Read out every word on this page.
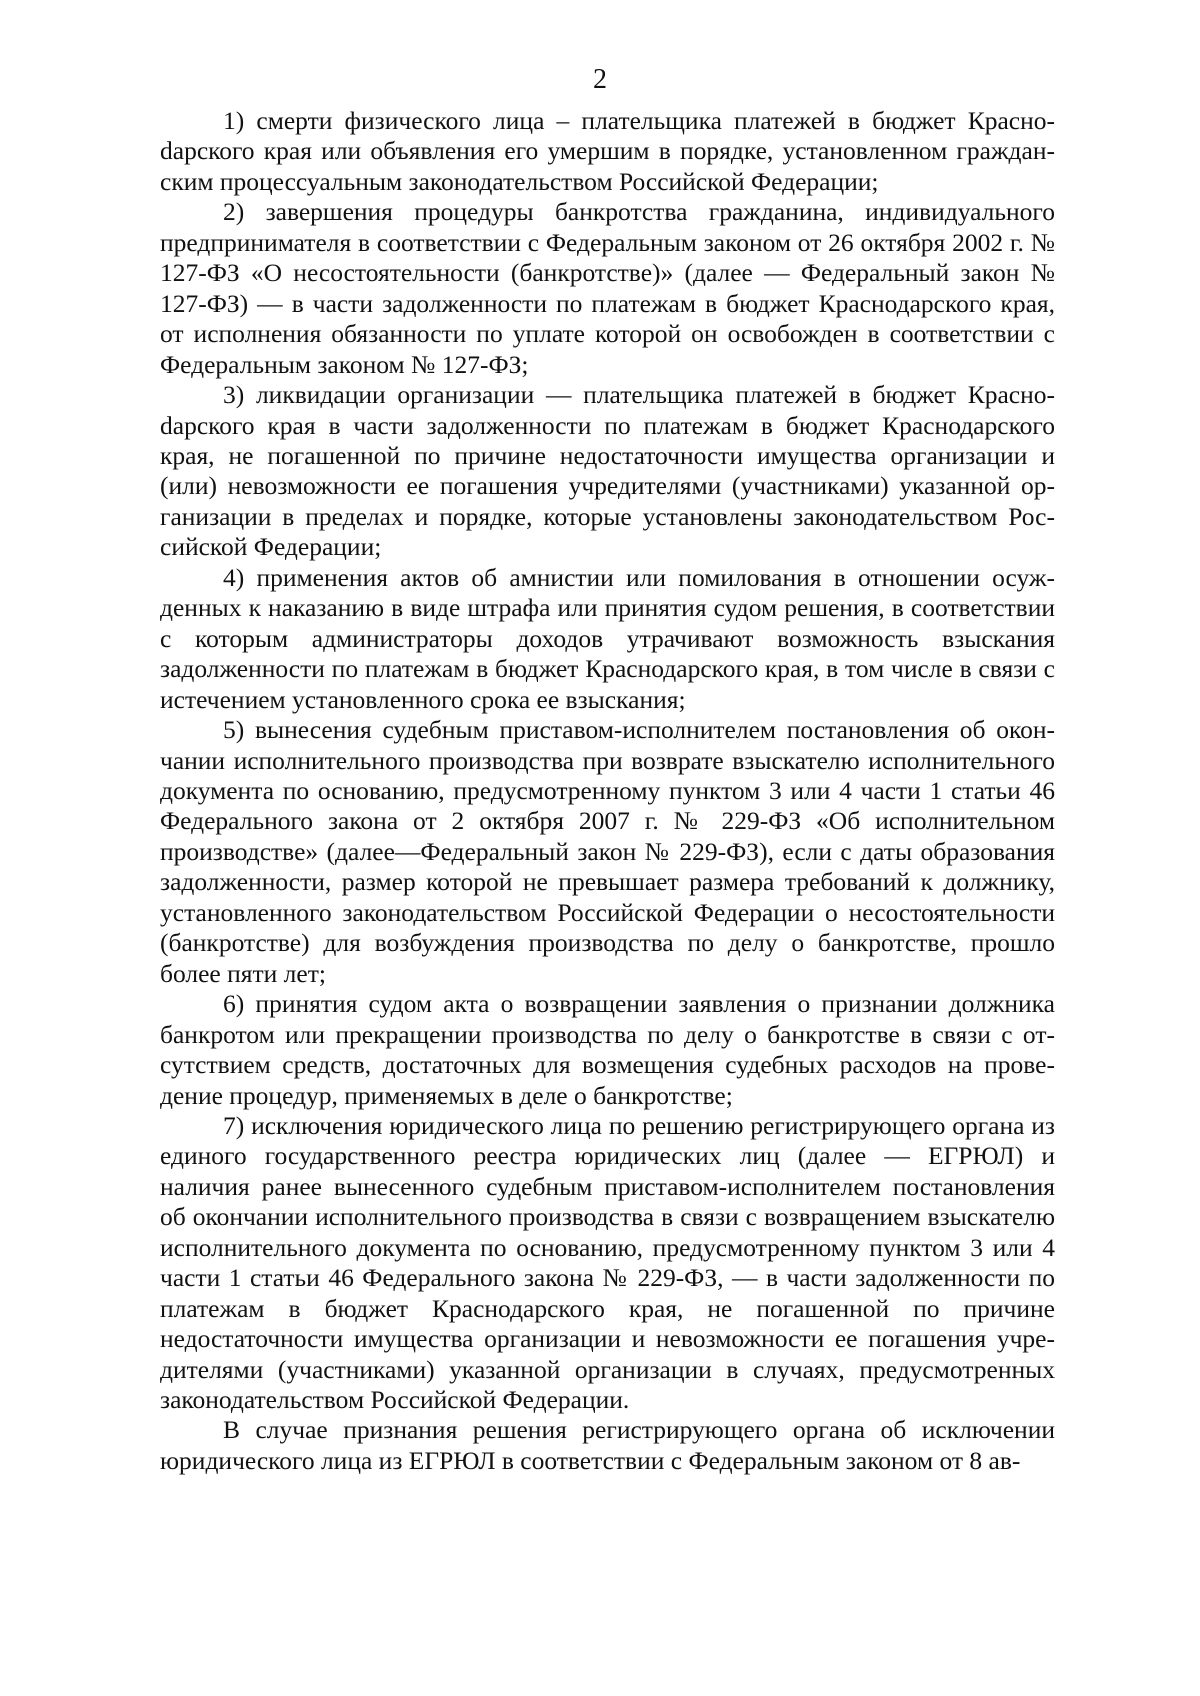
2

1) смерти физического лица – плательщика платежей в бюджет Красноdарского края или объявления его умершим в порядке, установленном гражданским процессуальным законодательством Российской Федерации;

2) завершения процедуры банкротства гражданина, индивидуального предпринимателя в соответствии с Федеральным законом от 26 октября 2002 г. № 127-ФЗ «О несостоятельности (банкротстве)» (далее — Федеральный закон № 127-ФЗ) — в части задолженности по платежам в бюджет Краснодарского края, от исполнения обязанности по уплате которой он освобожден в соответствии с Федеральным законом № 127-ФЗ;

3) ликвидации организации — плательщика платежей в бюджет Красноdарского края в части задолженности по платежам в бюджет Краснодарского края, не погашенной по причине недостаточности имущества организации и (или) невозможности ее погашения учредителями (участниками) указанной организации в пределах и порядке, которые установлены законодательством Российской Федерации;

4) применения актов об амнистии или помилования в отношении осужденных к наказанию в виде штрафа или принятия судом решения, в соответствии с которым администраторы доходов утрачивают возможность взыскания задолженности по платежам в бюджет Краснодарского края, в том числе в связи с истечением установленного срока ее взыскания;

5) вынесения судебным приставом-исполнителем постановления об окончании исполнительного производства при возврате взыскателю исполнительного документа по основанию, предусмотренному пунктом 3 или 4 части 1 статьи 46 Федерального закона от 2 октября 2007 г. № 229-ФЗ «Об исполнительном производстве» (далее—Федеральный закон № 229-ФЗ), если с даты образования задолженности, размер которой не превышает размера требований к должнику, установленного законодательством Российской Федерации о несостоятельности (банкротстве) для возбуждения производства по делу о банкротстве, прошло более пяти лет;

6) принятия судом акта о возвращении заявления о признании должника банкротом или прекращении производства по делу о банкротстве в связи с отсутствием средств, достаточных для возмещения судебных расходов на проведение процедур, применяемых в деле о банкротстве;

7) исключения юридического лица по решению регистрирующего органа из единого государственного реестра юридических лиц (далее — ЕГРЮЛ) и наличия ранее вынесенного судебным приставом-исполнителем постановления об окончании исполнительного производства в связи с возвращением взыскателю исполнительного документа по основанию, предусмотренному пунктом 3 или 4 части 1 статьи 46 Федерального закона № 229-ФЗ, — в части задолженности по платежам в бюджет Краснодарского края, не погашенной по причине недостаточности имущества организации и невозможности ее погашения учредителями (участниками) указанной организации в случаях, предусмотренных законодательством Российской Федерации.

В случае признания решения регистрирующего органа об исключении юридического лица из ЕГРЮЛ в соответствии с Федеральным законом от 8 ав-
